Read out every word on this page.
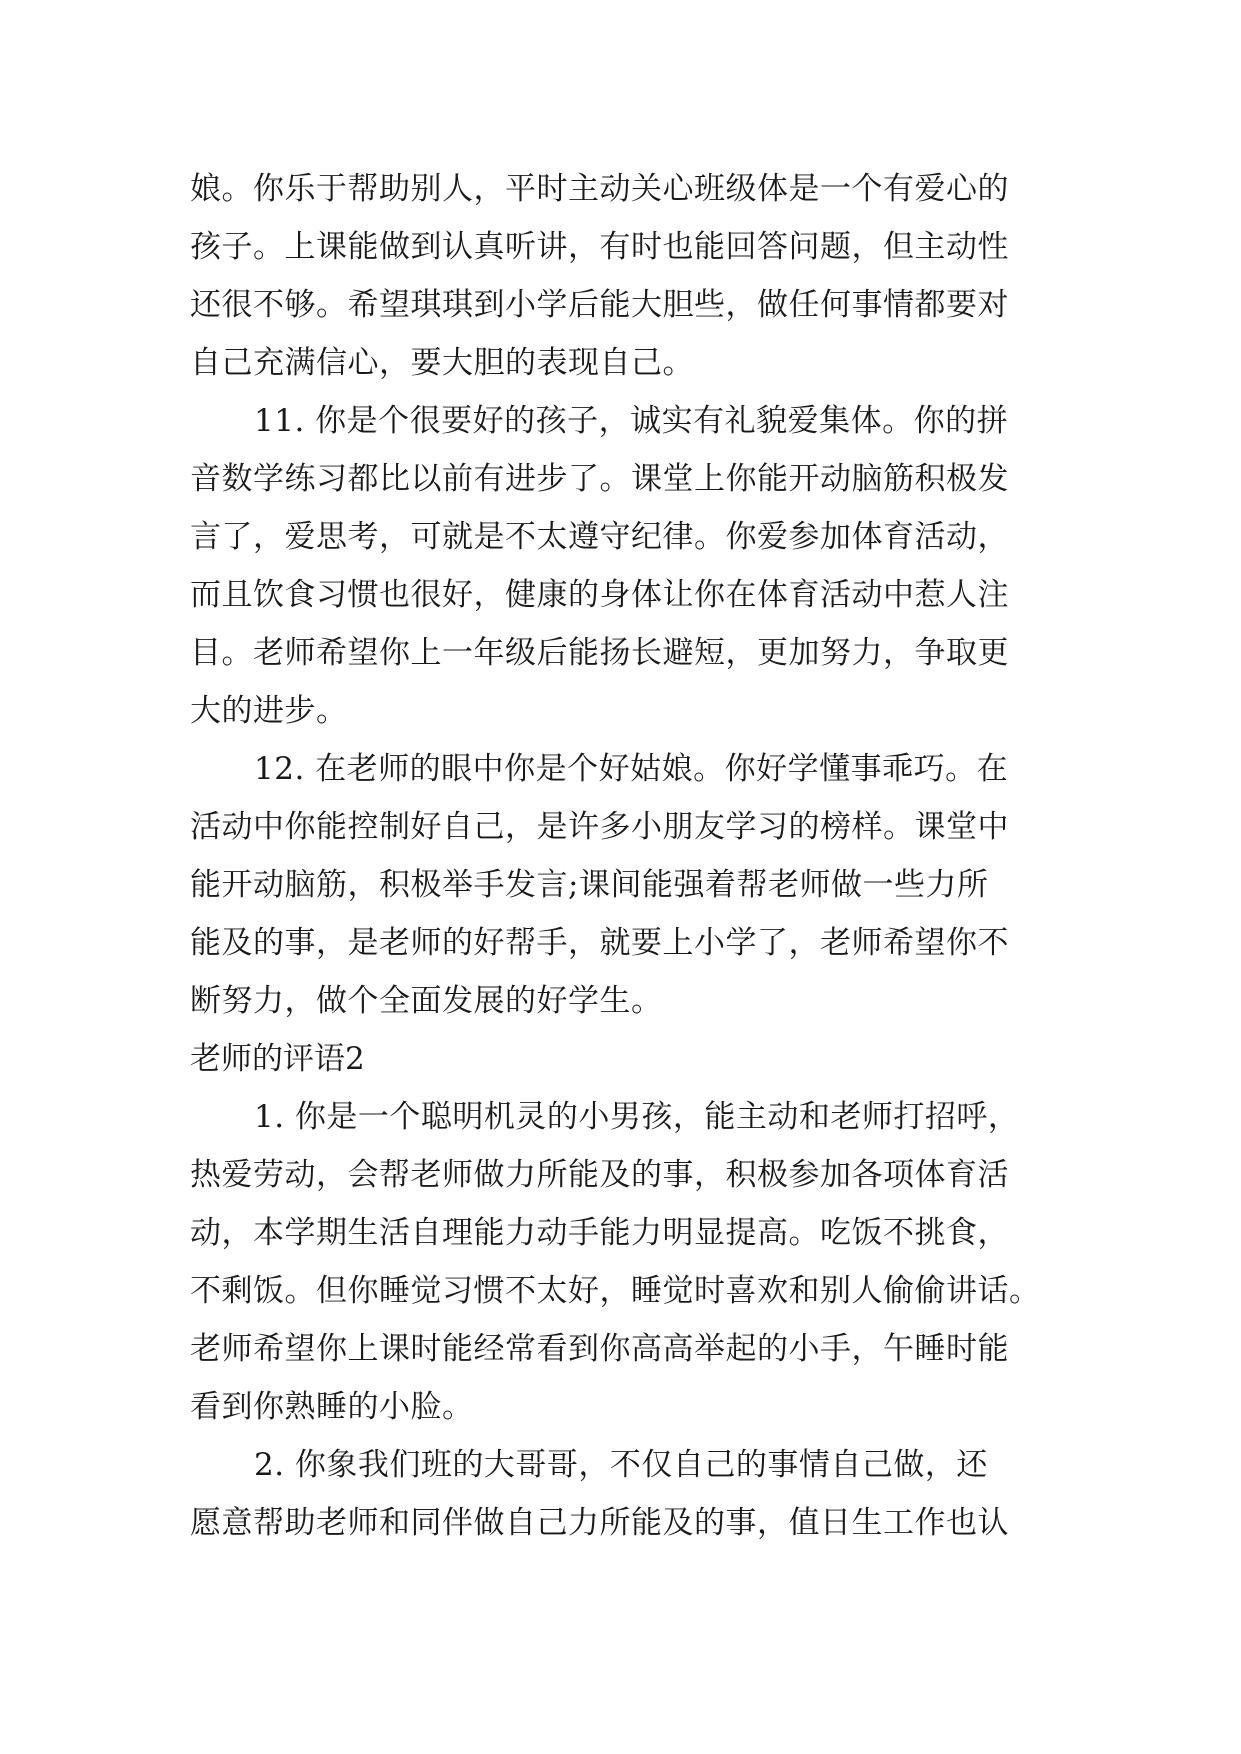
娘。你乐于帮助别人，平时主动关心班级体是一个有爱心的
孩子。上课能做到认真听讲，有时也能回答问题，但主动性
还很不够。希望琪琪到小学后能大胆些，做任何事情都要对
自己充满信心，要大胆的表现自己。
11. 你是个很要好的孩子，诚实有礼貌爱集体。你的拼
音数学练习都比以前有进步了。课堂上你能开动脑筋积极发
言了，爱思考，可就是不太遵守纪律。你爱参加体育活动，
而且饮食习惯也很好，健康的身体让你在体育活动中惹人注
目。老师希望你上一年级后能扬长避短，更加努力，争取更
大的进步。
12. 在老师的眼中你是个好姑娘。你好学懂事乖巧。在
活动中你能控制好自己，是许多小朋友学习的榜样。课堂中
能开动脑筋，积极举手发言;课间能强着帮老师做一些力所
能及的事，是老师的好帮手，就要上小学了，老师希望你不
断努力，做个全面发展的好学生。
老师的评语2
1. 你是一个聪明机灵的小男孩，能主动和老师打招呼，
热爱劳动，会帮老师做力所能及的事，积极参加各项体育活
动，本学期生活自理能力动手能力明显提高。吃饭不挑食，
不剩饭。但你睡觉习惯不太好，睡觉时喜欢和别人偷偷讲话。
老师希望你上课时能经常看到你高高举起的小手，午睡时能
看到你熟睡的小脸。
2. 你象我们班的大哥哥，不仅自己的事情自己做，还
愿意帮助老师和同伴做自己力所能及的事，值日生工作也认
